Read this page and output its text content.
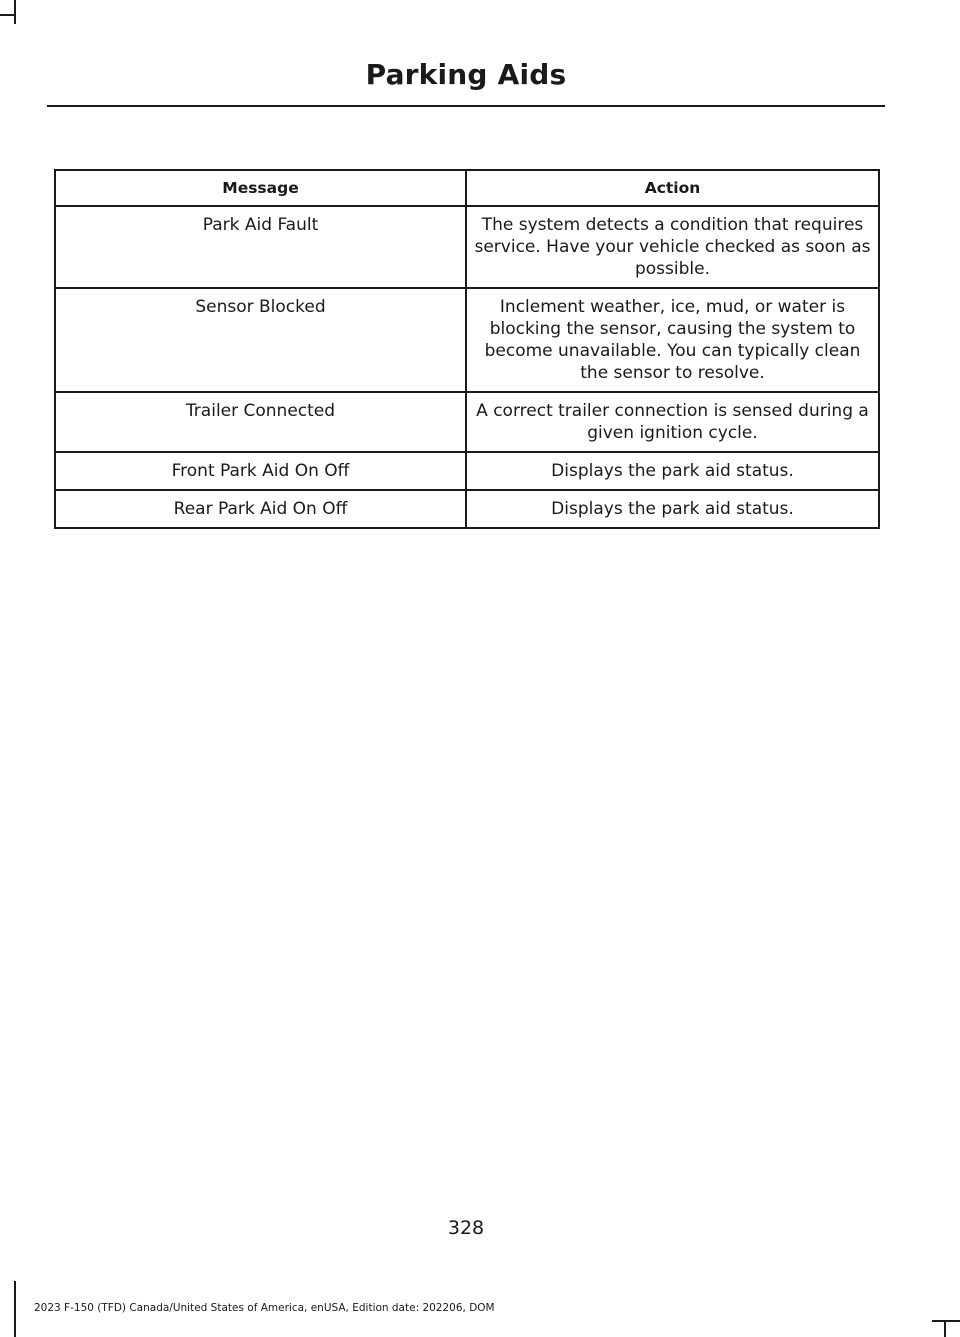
Parking Aids
Message	Action
Park Aid Fault	The system detects a condition that requires service. Have your vehicle checked as soon as possible.
Sensor Blocked	Inclement weather, ice, mud, or water is blocking the sensor, causing the system to become unavailable. You can typically clean the sensor to resolve.
Trailer Connected	A correct trailer connection is sensed during a given ignition cycle.
Front Park Aid On Off	Displays the park aid status.
Rear Park Aid On Off	Displays the park aid status.
328
2023 F-150 (TFD) Canada/United States of America, enUSA, Edition date: 202206, DOM
